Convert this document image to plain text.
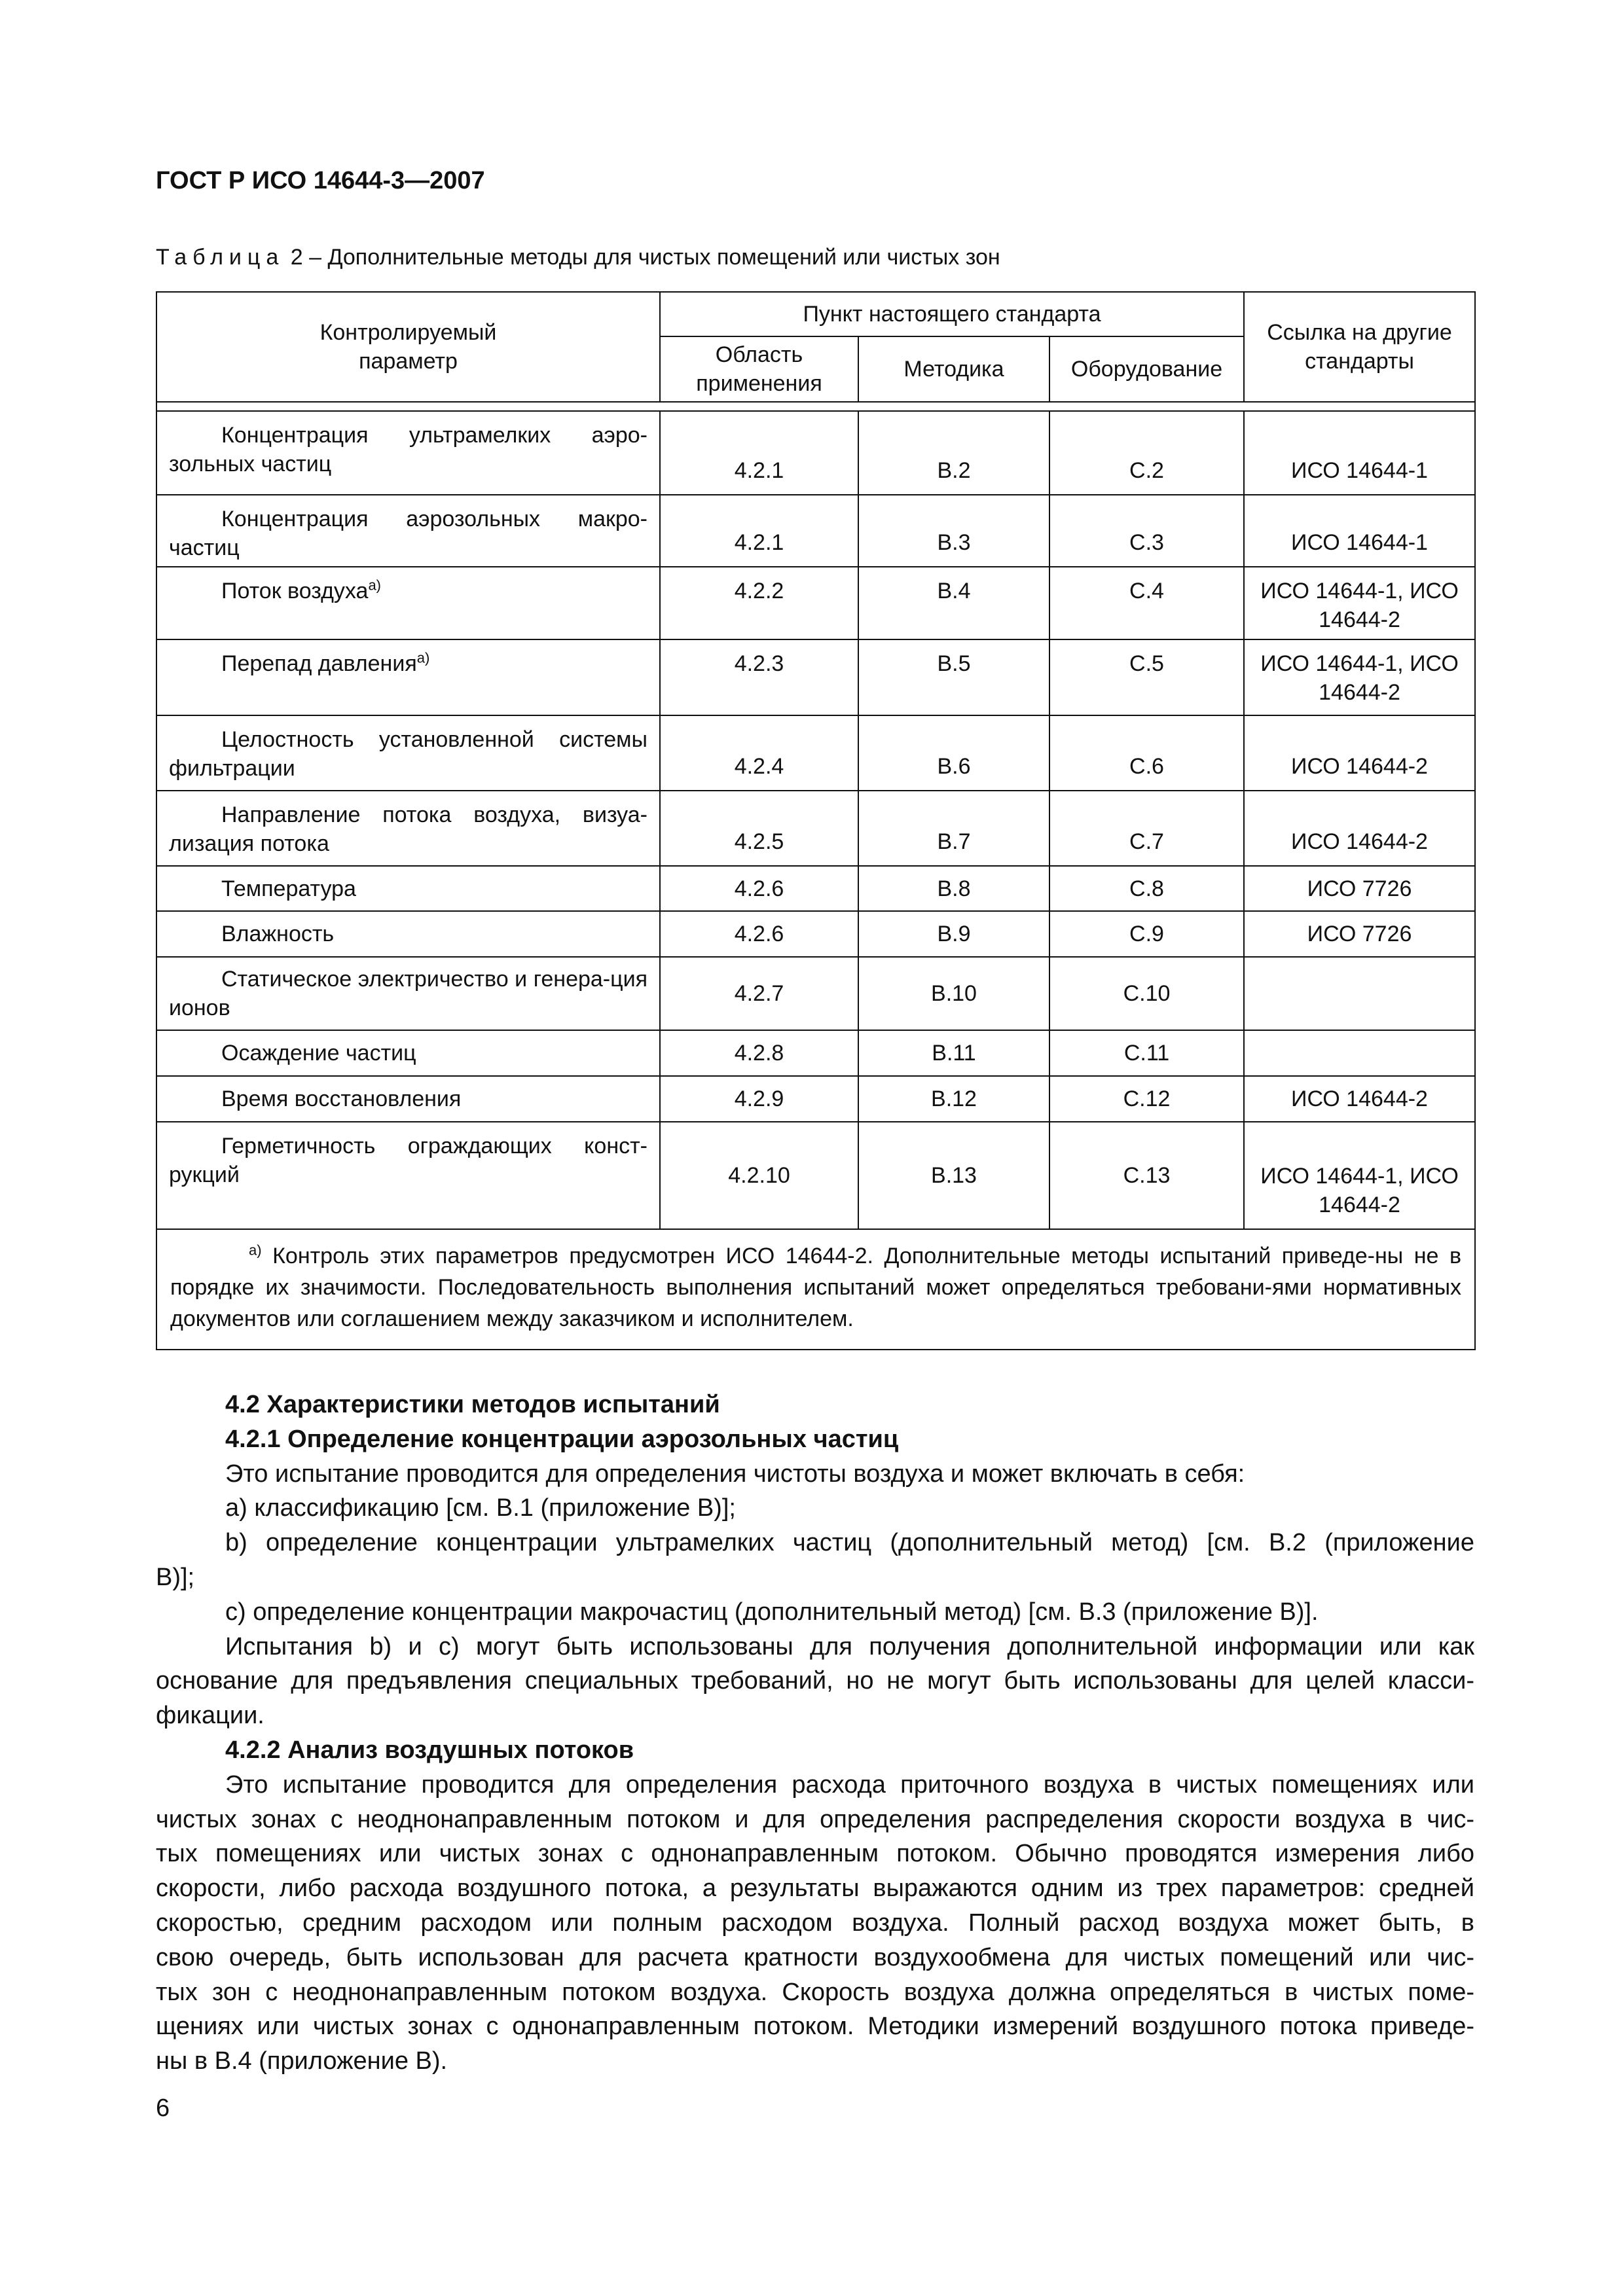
ГОСТ Р ИСО 14644-3—2007
Таблица 2 – Дополнительные методы для чистых помещений или чистых зон
Контролируемый параметр	Пункт настоящего стандарта			Ссылка на другие стандарты
	Область применения	Методика	Оборудование	

Концентрация ультрамелких аэро-зольных частиц	4.2.1	B.2	C.2	ИСО 14644-1
Концентрация аэрозольных макро-частиц	4.2.1	B.3	C.3	ИСО 14644-1
Поток воздуха$^{а)}$	4.2.2	B.4	C.4	ИСО 14644-1, ИСО 14644-2
Перепад давления$^{а)}$	4.2.3	B.5	C.5	ИСО 14644-1, ИСО 14644-2
Целостность установленной системы фильтрации	4.2.4	B.6	C.6	ИСО 14644-2
Направление потока воздуха, визуа-лизация потока	4.2.5	B.7	C.7	ИСО 14644-2
Температура	4.2.6	B.8	C.8	ИСО 7726
Влажность	4.2.6	B.9	C.9	ИСО 7726
Статическое электричество и генера-ция ионов	4.2.7	B.10	C.10	
Осаждение частиц	4.2.8	B.11	C.11	
Время восстановления	4.2.9	B.12	C.12	ИСО 14644-2
Герметичность ограждающих конст-рукций	4.2.10	B.13	C.13	ИСО 14644-1, ИСО 14644-2
$^{а)}$ Контроль этих параметров предусмотрен ИСО 14644-2. Дополнительные методы испытаний приведе-ны не в порядке их значимости. Последовательность выполнения испытаний может определяться требовани-ями нормативных документов или соглашением между заказчиком и исполнителем.				
4.2 Характеристики методов испытаний
4.2.1 Определение концентрации аэрозольных частиц
Это испытание проводится для определения чистоты воздуха и может включать в себя:
a) классификацию [см. В.1 (приложение В)];
b) определение концентрации ультрамелких частиц (дополнительный метод) [см. В.2 (приложение
В)];
c) определение концентрации макрочастиц (дополнительный метод) [см. В.3 (приложение В)].
Испытания b) и c) могут быть использованы для получения дополнительной информации или как
основание для предъявления специальных требований, но не могут быть использованы для целей класси-
фикации.
4.2.2 Анализ воздушных потоков
Это испытание проводится для определения расхода приточного воздуха в чистых помещениях или
чистых зонах с неоднонаправленным потоком и для определения распределения скорости воздуха в чис-
тых помещениях или чистых зонах с однонаправленным потоком. Обычно проводятся измерения либо
скорости, либо расхода воздушного потока, а результаты выражаются одним из трех параметров: средней
скоростью, средним расходом или полным расходом воздуха. Полный расход воздуха может быть, в
свою очередь, быть использован для расчета кратности воздухообмена для чистых помещений или чис-
тых зон с неоднонаправленным потоком воздуха. Скорость воздуха должна определяться в чистых поме-
щениях или чистых зонах с однонаправленным потоком. Методики измерений воздушного потока приведе-
ны в В.4 (приложение В).
6
